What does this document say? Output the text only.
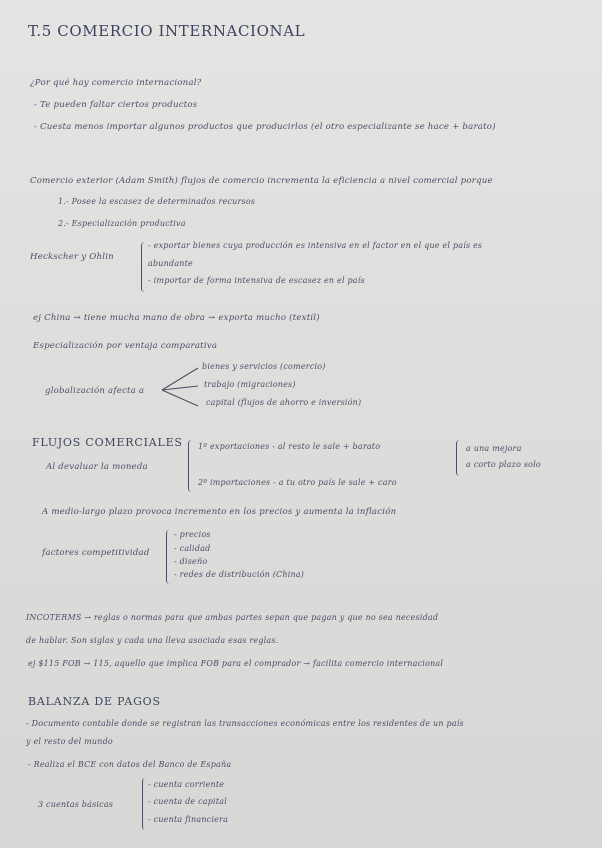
T.5 COMERCIO INTERNACIONAL
¿Por qué hay comercio internacional?
- Te pueden faltar ciertos productos
- Cuesta menos importar algunos productos que producirlos (el otro especializante se hace + barato)
Comercio exterior (Adam Smith) flujos de comercio incrementa la eficiencia a nivel comercial porque
1.- Posee la escasez de determinados recursos
2.- Especialización productiva
Heckscher y Ohlin
- exportar bienes cuya producción es intensiva en el factor en el que el país es
abundante
- importar de forma intensiva de escasez en el país
ej China → tiene mucha mano de obra → exporta mucho (textil)
Especialización por ventaja comparativa
globalización afecta a
bienes y servicios (comercio)
trabajo (migraciones)
capital (flujos de ahorro e inversión)
FLUJOS COMERCIALES
Al devaluar la moneda
1º exportaciones - al resto le sale + barato
2º importaciones - a tu otro país le sale + caro
a una mejora
a corto plazo solo
A medio-largo plazo provoca incremento en los precios y aumenta la inflación
factores competitividad
- precios
- calidad
- diseño
- redes de distribución (China)
INCOTERMS → reglas o normas para que ambas partes sepan que pagan y que no sea necesidad
de hablar. Son siglas y cada una lleva asociada esas reglas.
ej $115 FOB → 115, aquello que implica FOB para el comprador → facilita comercio internacional
BALANZA DE PAGOS
- Documento contable donde se registran las transacciones económicas entre los residentes de un país
y el resto del mundo
- Realiza el BCE con datos del Banco de España
3 cuentas básicas
- cuenta corriente
- cuenta de capital
- cuenta financiera
